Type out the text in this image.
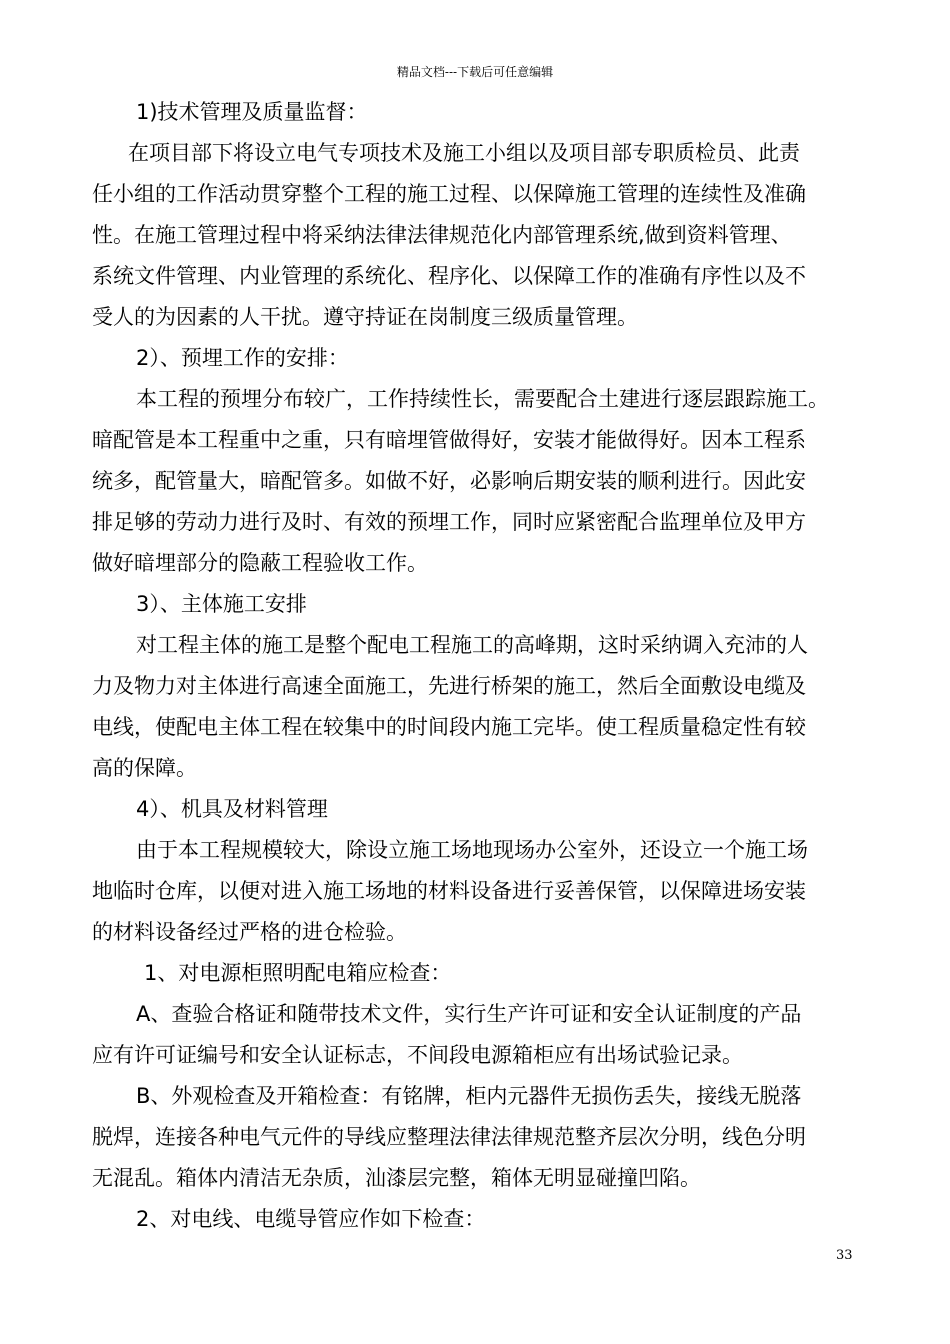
精品文档---下载后可任意编辑

1)技术管理及质量监督：

在项目部下将设立电气专项技术及施工小组以及项目部专职质检员、此责

任小组的工作活动贯穿整个工程的施工过程、以保障施工管理的连续性及准确

性。在施工管理过程中将采纳法律法律规范化内部管理系统,做到资料管理、

系统文件管理、内业管理的系统化、程序化、以保障工作的准确有序性以及不

受人的为因素的人干扰。遵守持证在岗制度三级质量管理。

2）、预埋工作的安排：

本工程的预埋分布较广，工作持续性长，需要配合土建进行逐层跟踪施工。

暗配管是本工程重中之重，只有暗埋管做得好，安装才能做得好。因本工程系

统多，配管量大，暗配管多。如做不好，必影响后期安装的顺利进行。因此安

排足够的劳动力进行及时、有效的预埋工作，同时应紧密配合监理单位及甲方

做好暗埋部分的隐蔽工程验收工作。

3）、主体施工安排

对工程主体的施工是整个配电工程施工的高峰期，这时采纳调入充沛的人

力及物力对主体进行高速全面施工，先进行桥架的施工，然后全面敷设电缆及

电线，使配电主体工程在较集中的时间段内施工完毕。使工程质量稳定性有较

高的保障。

4）、机具及材料管理

由于本工程规模较大，除设立施工场地现场办公室外，还设立一个施工场

地临时仓库，以便对进入施工场地的材料设备进行妥善保管，以保障进场安装

的材料设备经过严格的进仓检验。

1、对电源柜照明配电箱应检查：

A、查验合格证和随带技术文件，实行生产许可证和安全认证制度的产品

应有许可证编号和安全认证标志，不间段电源箱柜应有出场试验记录。

B、外观检查及开箱检查：有铭牌，柜内元器件无损伤丢失，接线无脱落

脱焊，连接各种电气元件的导线应整理法律法律规范整齐层次分明，线色分明

无混乱。箱体内清洁无杂质，汕漆层完整，箱体无明显碰撞凹陷。

2、对电线、电缆导管应作如下检查：

33
